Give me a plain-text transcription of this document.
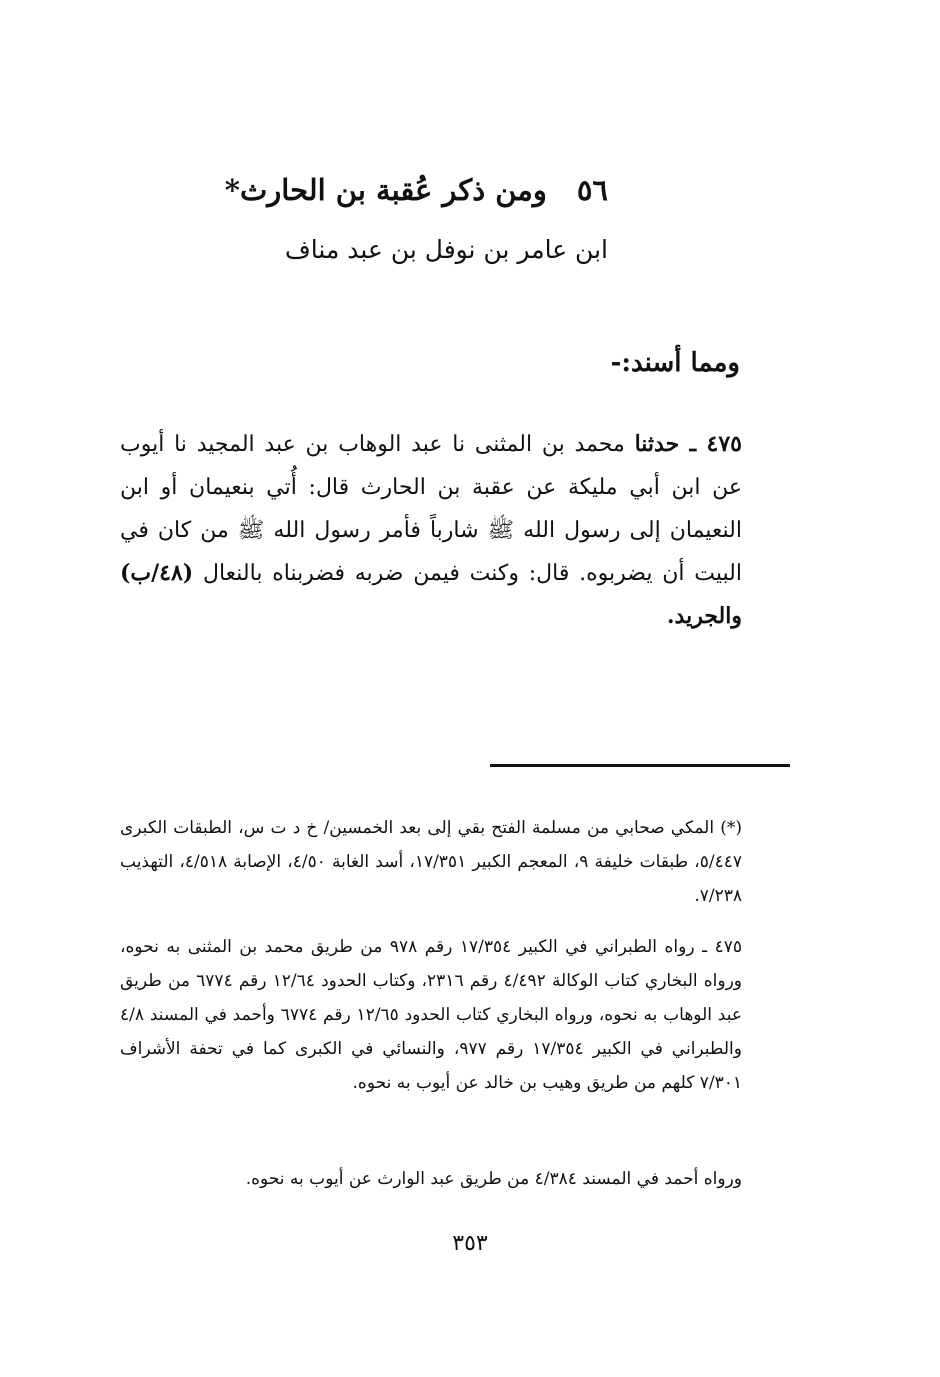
٥٦ومن ذكر عُقبة بن الحارث*
ابن عامر بن نوفل بن عبد مناف
ومما أسند:-
٤٧٥ ـ حدثنا محمد بن المثنى نا عبد الوهاب بن عبد المجيد نا أيوب عن ابن أبي مليكة عن عقبة بن الحارث قال: أُتي بنعيمان أو ابن النعيمان إلى رسول الله ﷺ شارباً فأمر رسول الله ﷺ من كان في البيت أن يضربوه. قال: وكنت فيمن ضربه فضربناه بالنعال (٤٨/ب) والجريد.
(*) المكي صحابي من مسلمة الفتح بقي إلى بعد الخمسين/ خ د ت س، الطبقات الكبرى ٥/٤٤٧، طبقات خليفة ٩، المعجم الكبير ١٧/٣٥١، أسد الغابة ٤/٥٠، الإصابة ٤/٥١٨، التهذيب ٧/٢٣٨.
٤٧٥ ـ رواه الطبراني في الكبير ١٧/٣٥٤ رقم ٩٧٨ من طريق محمد بن المثنى به نحوه، ورواه البخاري كتاب الوكالة ٤/٤٩٢ رقم ٢٣١٦، وكتاب الحدود ١٢/٦٤ رقم ٦٧٧٤ من طريق عبد الوهاب به نحوه، ورواه البخاري كتاب الحدود ١٢/٦٥ رقم ٦٧٧٤ وأحمد في المسند ٤/٨ والطبراني في الكبير ١٧/٣٥٤ رقم ٩٧٧، والنسائي في الكبرى كما في تحفة الأشراف ٧/٣٠١ كلهم من طريق وهيب بن خالد عن أيوب به نحوه.
ورواه أحمد في المسند ٤/٣٨٤ من طريق عبد الوارث عن أيوب به نحوه.
٣٥٣
